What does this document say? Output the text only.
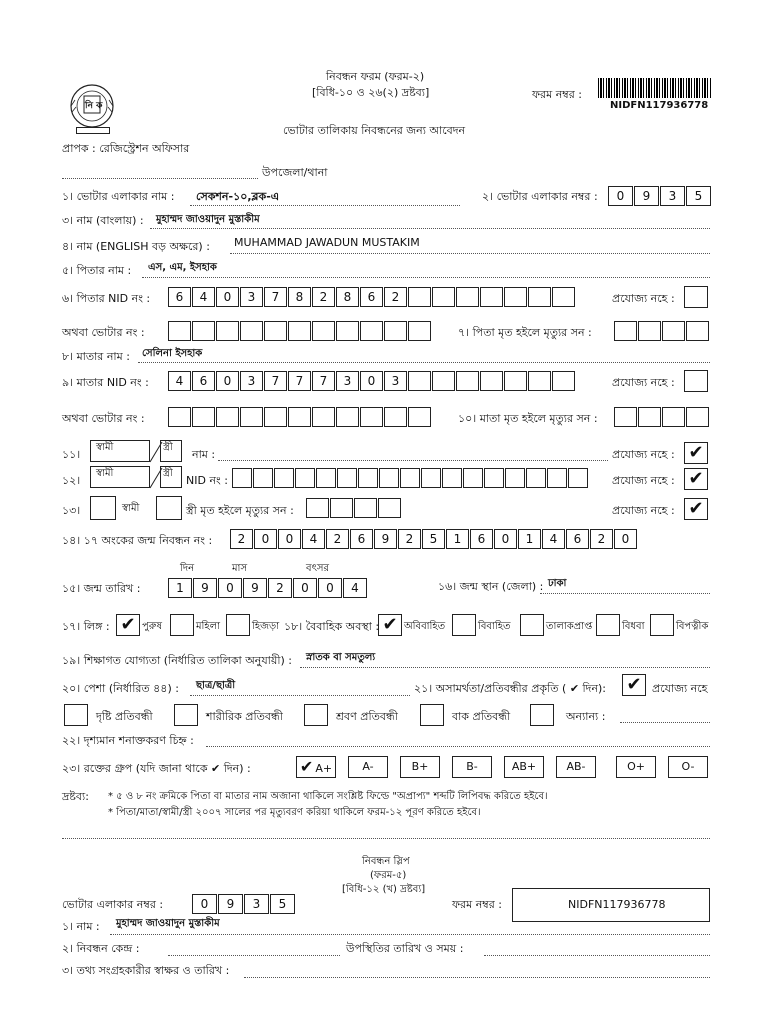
নি ক
নিবন্ধন ফরম (ফরম-২)
[বিধি-১০ ও ২৬(২) দ্রষ্টব্য]	ফরম নম্বর :
NIDFN117936778
ভোটার তালিকায় নিবন্ধনের জন্য আবেদন
প্রাপক : রেজিস্ট্রেশন অফিসার
উপজেলা/থানা
১। ভোটার এলাকার নাম : সেকশন-১০,ব্লক-এ	২। ভোটার এলাকার নম্বর :	0	9	3	5
৩। নাম (বাংলায়) : মুহাম্মদ জাওয়াদুন মুস্তাকীম
৪। নাম (ENGLISH বড় অক্ষরে) : MUHAMMAD JAWADUN MUSTAKIM
৫। পিতার নাম : এস, এম, ইসহাক
৬। পিতার NID নং :	6	4	0	3	7	8	2	8	6	2	প্রযোজ্য নহে :
অথবা ভোটার নং :	৭। পিতা মৃত হইলে মৃত্যুর সন :
৮। মাতার নাম : সেলিনা ইসহাক
৯। মাতার NID নং :	4	6	0	3	7	7	7	3	0	3	প্রযোজ্য নহে :
অথবা ভোটার নং :	১০। মাতা মৃত হইলে মৃত্যুর সন :
১১।
স্বামী	স্ত্রী
নাম :	প্রযোজ্য নহে : ✔
১২।
স্বামী	স্ত্রী
NID নং :	প্রযোজ্য নহে : ✔
১৩।	স্বামী	স্ত্রী মৃত হইলে মৃত্যুর সন :	প্রযোজ্য নহে : ✔
১৪। ১৭ অংকের জন্ম নিবন্ধন নং :	2	0	0	4	2	6	9	2	5	1	6	0	1	4	6	2	0
দিন	মাস	বৎসর
১৫। জন্ম তারিখ :	1	9	0	9	2	0	0	4	১৬। জন্ম স্থান (জেলা) : ঢাকা
১৭। লিঙ্গ : ✔ পুরুষ	মহিলা	হিজড়া ১৮। বৈবাহিক অবস্থা : ✔ অবিবাহিত	বিবাহিত	তালাকপ্রাপ্ত	বিধবা	বিপত্নীক
১৯। শিক্ষাগত যোগ্যতা (নির্ধারিত তালিকা অনুযায়ী) : স্নাতক বা সমতুল্য
২০। পেশা (নির্ধারিত ৪৪) : ছাত্র/ছাত্রী	২১। অসামর্থতা/প্রতিবন্ধীর প্রকৃতি ( ✔ দিন): ✔ প্রযোজ্য নহে
দৃষ্টি প্রতিবন্ধী	শারীরিক প্রতিবন্ধী	শ্রবণ প্রতিবন্ধী	বাক প্রতিবন্ধী	অন্যান্য :
২২। দৃশ্যমান শনাক্তকরণ চিহ্ন :
২৩। রক্তের গ্রুপ (যদি জানা থাকে ✔ দিন) :	✔ A+	A-	B+	B-	AB+	AB-	O+	O-
দ্রষ্টব্য: * ৫ ও ৮ নং ক্রমিকে পিতা বা মাতার নাম অজানা থাকিলে সংশ্লিষ্ট ফিল্ডে "অপ্রাপ্য" শব্দটি লিপিবদ্ধ করিতে হইবে।
* পিতা/মাতা/স্বামী/স্ত্রী ২০০৭ সালের পর মৃত্যুবরণ করিয়া থাকিলে ফরম-১২ পূরণ করিতে হইবে।
নিবন্ধন স্লিপ
(ফরম-৫)
[বিধি-১২ (খ) দ্রষ্টব্য]
ভোটার এলাকার নম্বর :	0	9	3	5	ফরম নম্বর :	NIDFN117936778
১। নাম : মুহাম্মদ জাওয়াদুন মুস্তাকীম
২। নিবন্ধন কেন্দ্র :	উপস্থিতির তারিখ ও সময় :
৩। তথ্য সংগ্রহকারীর স্বাক্ষর ও তারিখ :
